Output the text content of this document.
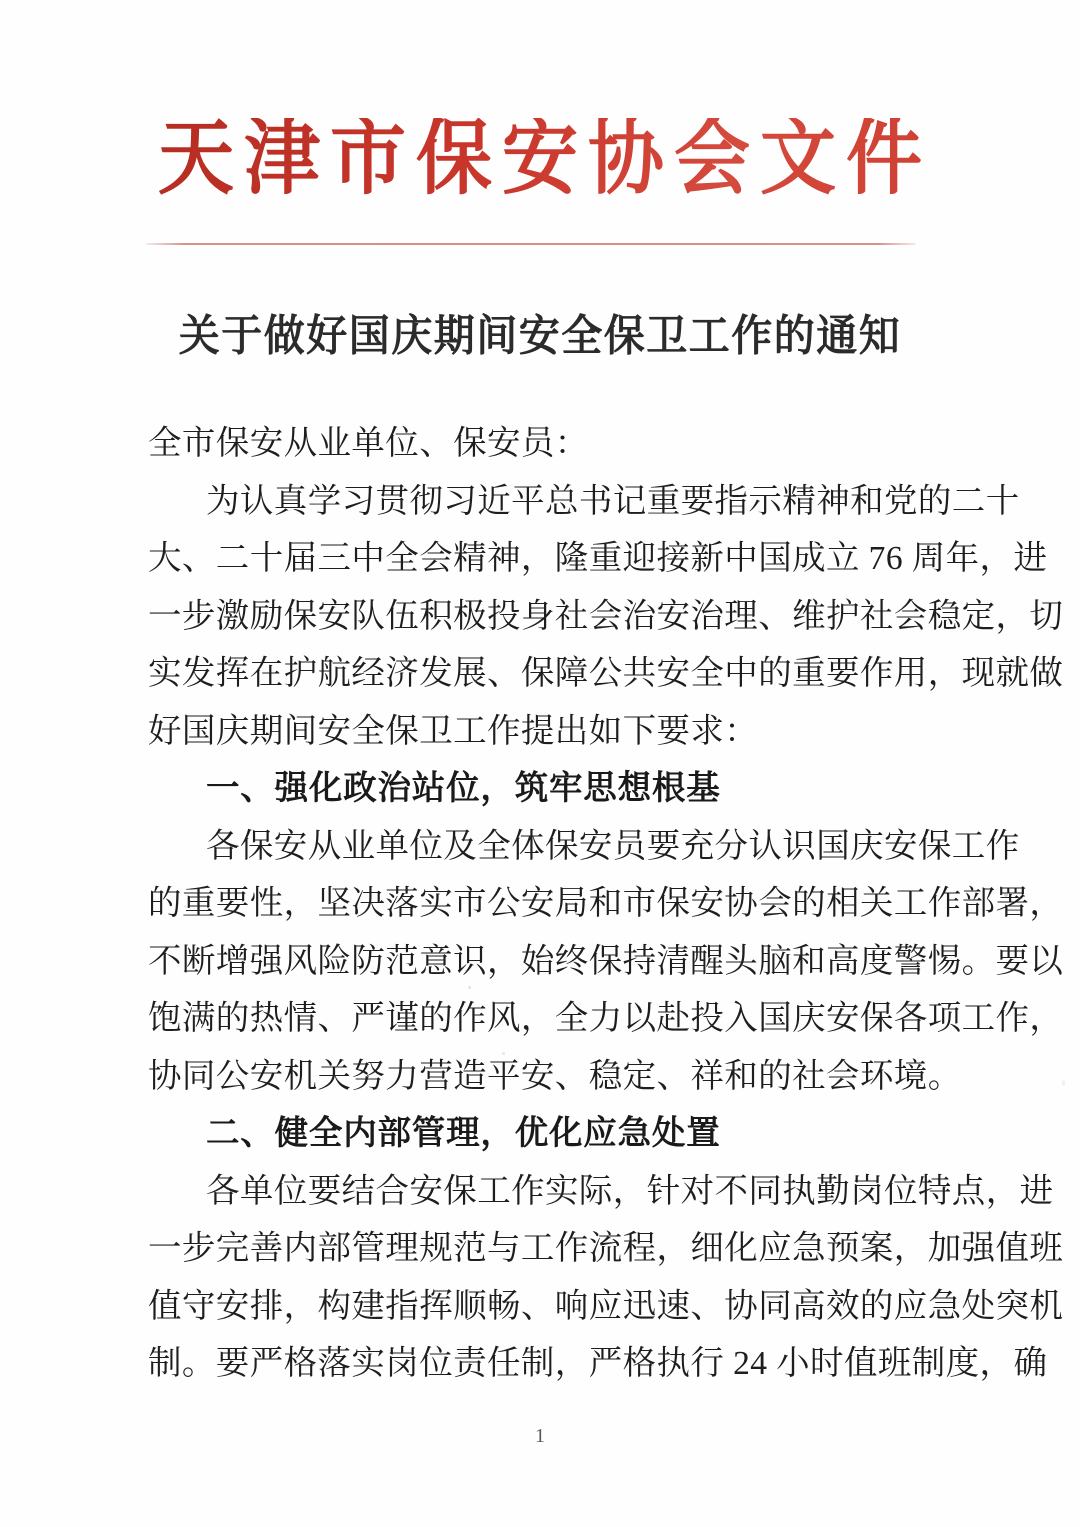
天津市保安协会文件
关于做好国庆期间安全保卫工作的通知

全市保安从业单位、保安员：

为认真学习贯彻习近平总书记重要指示精神和党的二十

大、二十届三中全会精神，隆重迎接新中国成立 76 周年，进

一步激励保安队伍积极投身社会治安治理、维护社会稳定，切

实发挥在护航经济发展、保障公共安全中的重要作用，现就做

好国庆期间安全保卫工作提出如下要求：

一、强化政治站位，筑牢思想根基

各保安从业单位及全体保安员要充分认识国庆安保工作

的重要性，坚决落实市公安局和市保安协会的相关工作部署，

不断增强风险防范意识，始终保持清醒头脑和高度警惕。要以

饱满的热情、严谨的作风，全力以赴投入国庆安保各项工作，

协同公安机关努力营造平安、稳定、祥和的社会环境。

二、健全内部管理，优化应急处置

各单位要结合安保工作实际，针对不同执勤岗位特点，进

一步完善内部管理规范与工作流程，细化应急预案，加强值班

值守安排，构建指挥顺畅、响应迅速、协同高效的应急处突机

制。要严格落实岗位责任制，严格执行 24 小时值班制度，确

1
